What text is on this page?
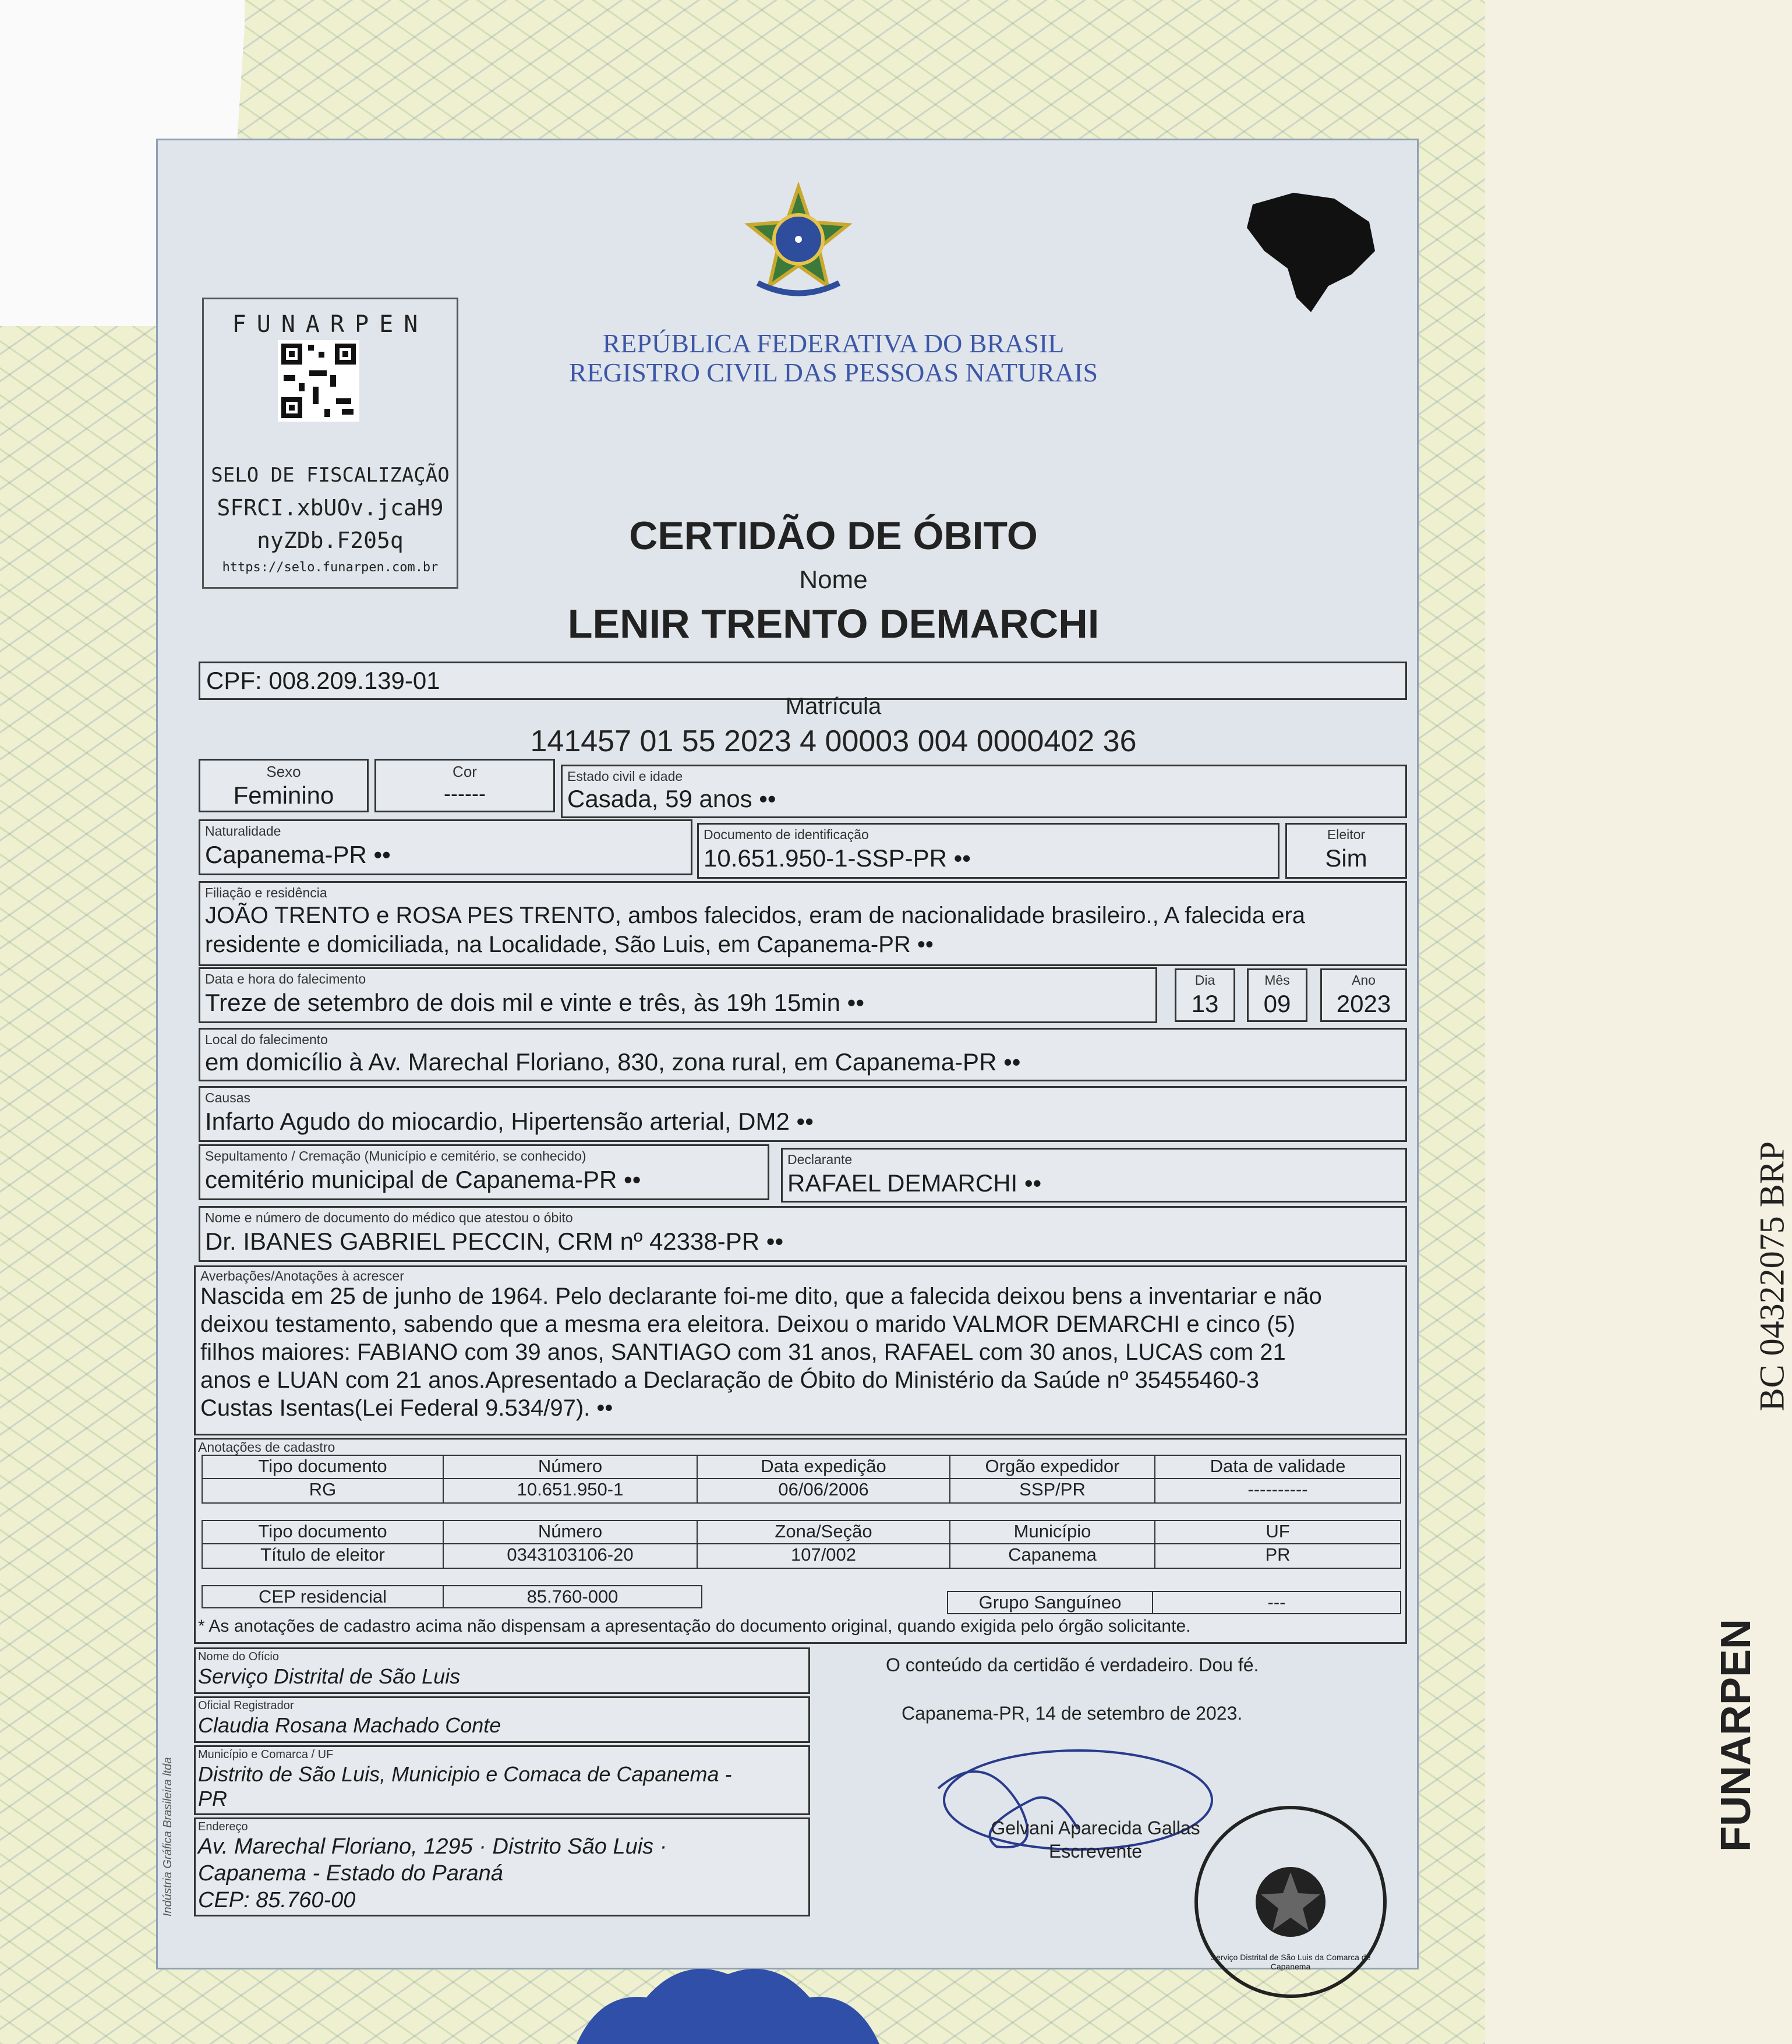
FUNARPEN
SELO DE FISCALIZAÇÃO
SFRCI.xbUOv.jcaH9
nyZDb.F205q
https://selo.funarpen.com.br
REPÚBLICA FEDERATIVA DO BRASIL
REGISTRO CIVIL DAS PESSOAS NATURAIS
CERTIDÃO DE ÓBITO
Nome
LENIR TRENTO DEMARCHI
CPF: 008.209.139-01
Matrícula
141457 01 55 2023 4 00003 004 0000402 36
Sexo
Feminino
Cor
------
Estado civil e idade
Casada, 59 anos ••
Naturalidade
Capanema-PR ••
Documento de identificação
10.651.950-1-SSP-PR ••
Eleitor
Sim
Filiação e residência
JOÃO TRENTO e ROSA PES TRENTO, ambos falecidos, eram de nacionalidade brasileiro., A falecida era
residente e domiciliada, na Localidade, São Luis, em Capanema-PR ••
Data e hora do falecimento
Treze de setembro de dois mil e vinte e três, às 19h 15min ••
Dia
13
Mês
09
Ano
2023
Local do falecimento
em domicílio à Av. Marechal Floriano, 830, zona rural, em Capanema-PR ••
Causas
Infarto Agudo do miocardio, Hipertensão arterial, DM2 ••
Sepultamento / Cremação (Município e cemitério, se conhecido)
cemitério municipal de Capanema-PR ••
Declarante
RAFAEL DEMARCHI ••
Nome e número de documento do médico que atestou o óbito
Dr. IBANES GABRIEL PECCIN, CRM nº 42338-PR ••
Averbações/Anotações à acrescer
Nascida em 25 de junho de 1964. Pelo declarante foi-me dito, que a falecida deixou bens a inventariar e não
deixou testamento, sabendo que a mesma era eleitora. Deixou o marido VALMOR DEMARCHI e cinco (5)
filhos maiores: FABIANO com 39 anos, SANTIAGO com 31 anos, RAFAEL com 30 anos, LUCAS com 21
anos e LUAN com 21 anos.Apresentado a Declaração de Óbito do Ministério da Saúde nº 35455460-3
Custas Isentas(Lei Federal 9.534/97). ••
Anotações de cadastro
Tipo documento	Número	Data expedição	Orgão expedidor	Data de validade
RG	10.651.950-1	06/06/2006	SSP/PR	----------
Tipo documento	Número	Zona/Seção	Município	UF
Título de eleitor	0343103106-20	107/002	Capanema	PR
CEP residencial	85.760-000	Grupo Sanguíneo	---
* As anotações de cadastro acima não dispensam a apresentação do documento original, quando exigida pelo órgão solicitante.
Nome do Ofício
Serviço Distrital de São Luis
Oficial Registrador
Claudia Rosana Machado Conte
Município e Comarca / UF
Distrito de São Luis, Municipio e Comaca de Capanema -
PR
Endereço
Av. Marechal Floriano, 1295 · Distrito São Luis ·
Capanema - Estado do Paraná
CEP: 85.760-00
O conteúdo da certidão é verdadeiro. Dou fé.
Capanema-PR, 14 de setembro de 2023.
Gelvani Aparecida Gallas
Escrevente
Serviço Distrital de São Luis da Comarca de Capanema
Indústria Gráfica Brasileira ltda
BC 04322075 BRP
FUNARPEN
